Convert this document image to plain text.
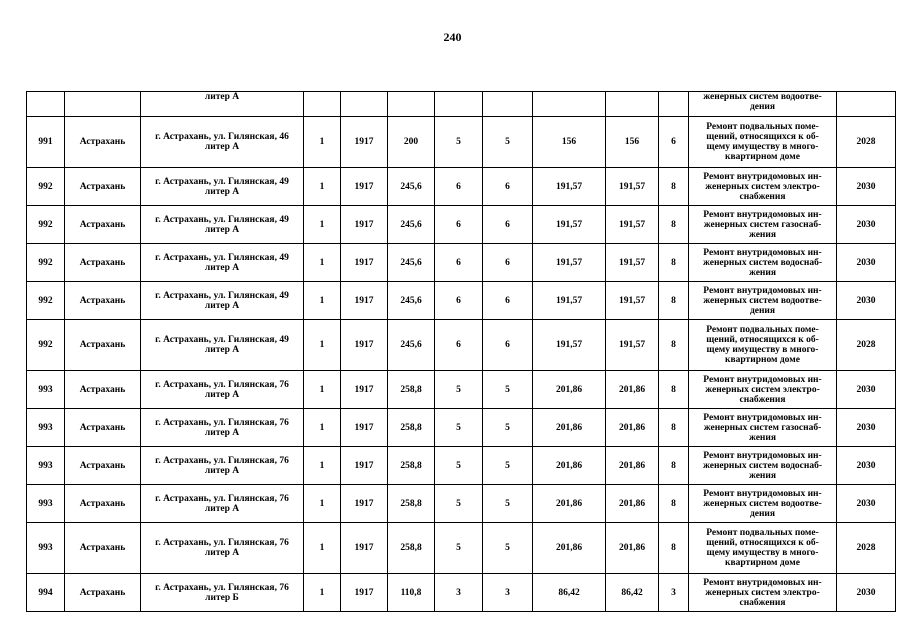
240
		литер А									женерных систем водоотве-
дения	
991	Астрахань	г. Астрахань, ул. Гилянская, 46
литер А	1	1917	200	5	5	156	156	6	Ремонт подвальных поме-
щений, относящихся к об-
щему имуществу в много-
квартирном доме	2028
992	Астрахань	г. Астрахань, ул. Гилянская, 49
литер А	1	1917	245,6	6	6	191,57	191,57	8	Ремонт внутридомовых ин-
женерных систем электро-
снабжения	2030
992	Астрахань	г. Астрахань, ул. Гилянская, 49
литер А	1	1917	245,6	6	6	191,57	191,57	8	Ремонт внутридомовых ин-
женерных систем газоснаб-
жения	2030
992	Астрахань	г. Астрахань, ул. Гилянская, 49
литер А	1	1917	245,6	6	6	191,57	191,57	8	Ремонт внутридомовых ин-
женерных систем водоснаб-
жения	2030
992	Астрахань	г. Астрахань, ул. Гилянская, 49
литер А	1	1917	245,6	6	6	191,57	191,57	8	Ремонт внутридомовых ин-
женерных систем водоотве-
дения	2030
992	Астрахань	г. Астрахань, ул. Гилянская, 49
литер А	1	1917	245,6	6	6	191,57	191,57	8	Ремонт подвальных поме-
щений, относящихся к об-
щему имуществу в много-
квартирном доме	2028
993	Астрахань	г. Астрахань, ул. Гилянская, 76
литер А	1	1917	258,8	5	5	201,86	201,86	8	Ремонт внутридомовых ин-
женерных систем электро-
снабжения	2030
993	Астрахань	г. Астрахань, ул. Гилянская, 76
литер А	1	1917	258,8	5	5	201,86	201,86	8	Ремонт внутридомовых ин-
женерных систем газоснаб-
жения	2030
993	Астрахань	г. Астрахань, ул. Гилянская, 76
литер А	1	1917	258,8	5	5	201,86	201,86	8	Ремонт внутридомовых ин-
женерных систем водоснаб-
жения	2030
993	Астрахань	г. Астрахань, ул. Гилянская, 76
литер А	1	1917	258,8	5	5	201,86	201,86	8	Ремонт внутридомовых ин-
женерных систем водоотве-
дения	2030
993	Астрахань	г. Астрахань, ул. Гилянская, 76
литер А	1	1917	258,8	5	5	201,86	201,86	8	Ремонт подвальных поме-
щений, относящихся к об-
щему имуществу в много-
квартирном доме	2028
994	Астрахань	г. Астрахань, ул. Гилянская, 76
литер Б	1	1917	110,8	3	3	86,42	86,42	3	Ремонт внутридомовых ин-
женерных систем электро-
снабжения	2030
